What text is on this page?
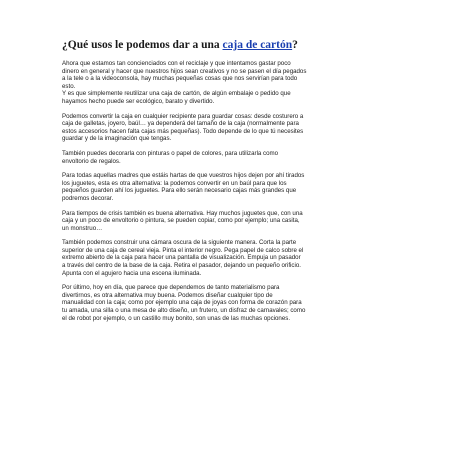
¿Qué usos le podemos dar a una caja de cartón?

Ahora que estamos tan concienciados con el reciclaje y que intentamos gastar poco
dinero en general y hacer que nuestros hijos sean creativos y no se pasen el día pegados
a la tele o a la videoconsola, hay muchas pequeñas cosas que nos servirían para todo
esto.
Y es que simplemente reutilizar una caja de cartón, de algún embalaje o pedido que
hayamos hecho puede ser ecológico, barato y divertido.

Podemos convertir la caja en cualquier recipiente para guardar cosas: desde costurero a
caja de galletas, joyero, baúl… ya dependerá del tamaño de la caja (normalmente para
estos accesorios hacen falta cajas más pequeñas). Todo depende de lo que tú necesites
guardar y de la imaginación que tengas.

También puedes decorarla con pinturas o papel de colores, para utilizarla como
envoltorio de regalos.

Para todas aquellas madres que estáis hartas de que vuestros hijos dejen por ahí tirados
los juguetes, esta es otra alternativa: la podemos convertir en un baúl para que los
pequeños guarden ahí los juguetes. Para ello serán necesario cajas más grandes que
podremos decorar.

Para tiempos de crisis también es buena alternativa. Hay muchos juguetes que, con una
caja y un poco de envoltorio o pintura, se pueden copiar, como por ejemplo; una casita,
un monstruo…

También podemos construir una cámara oscura de la siguiente manera. Corta la parte
superior de una caja de cereal vieja. Pinta el interior negro. Pega papel de calco sobre el
extremo abierto de la caja para hacer una pantalla de visualización. Empuja un pasador
a través del centro de la base de la caja. Retira el pasador, dejando un pequeño orificio.
Apunta con el agujero hacia una escena iluminada.

Por último, hoy en día, que parece que dependemos de tanto materialismo para
divertirnos, es otra alternativa muy buena. Podemos diseñar cualquier tipo de
manualidad con la caja; como por ejemplo una caja de joyas con forma de corazón para
tu amada, una silla o una mesa de alto diseño, un frutero, un disfraz de carnavales; como
el de robot por ejemplo, o un castillo muy bonito, son unas de las muchas opciones.
